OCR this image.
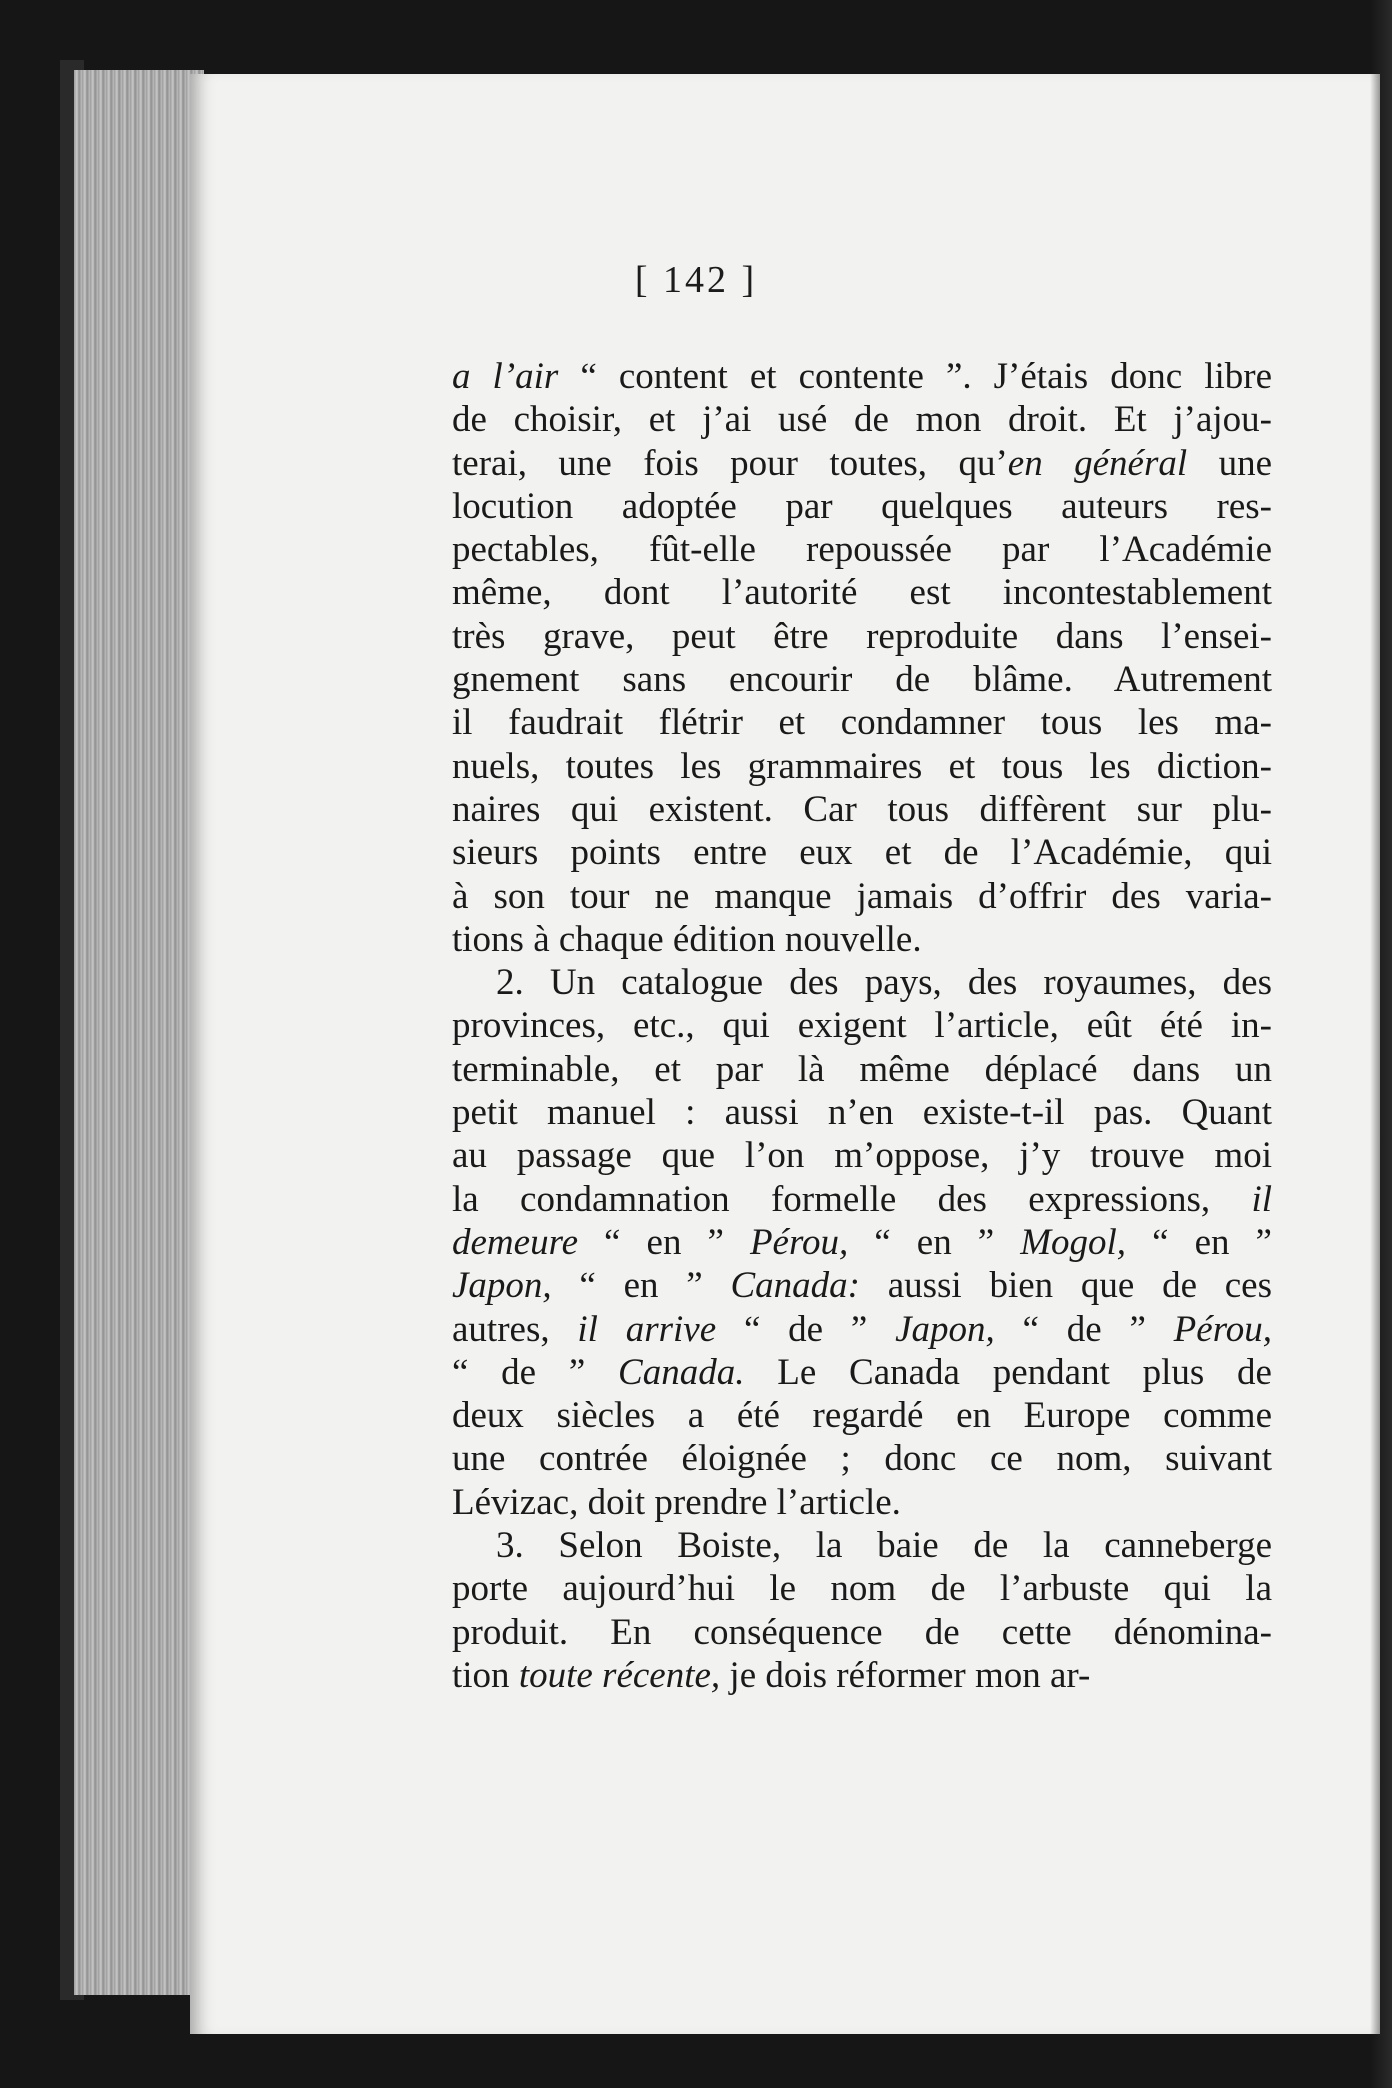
[ 142 ]
a l’air “ content et contente ”. J’étais donc libre
de choisir, et j’ai usé de mon droit. Et j’ajou-
terai, une fois pour toutes, qu’en général une
locution adoptée par quelques auteurs res-
pectables, fût-elle repoussée par l’Académie
même, dont l’autorité est incontestablement
très grave, peut être reproduite dans l’ensei-
gnement sans encourir de blâme. Autrement
il faudrait flétrir et condamner tous les ma-
nuels, toutes les grammaires et tous les diction-
naires qui existent. Car tous diffèrent sur plu-
sieurs points entre eux et de l’Académie, qui
à son tour ne manque jamais d’offrir des varia-
tions à chaque édition nouvelle.
2. Un catalogue des pays, des royaumes, des
provinces, etc., qui exigent l’article, eût été in-
terminable, et par là même déplacé dans un
petit manuel : aussi n’en existe-t-il pas. Quant
au passage que l’on m’oppose, j’y trouve moi
la condamnation formelle des expressions, il
demeure “ en ” Pérou, “ en ” Mogol, “ en ”
Japon, “ en ” Canada: aussi bien que de ces
autres, il arrive “ de ” Japon, “ de ” Pérou,
“ de ” Canada. Le Canada pendant plus de
deux siècles a été regardé en Europe comme
une contrée éloignée ; donc ce nom, suivant
Lévizac, doit prendre l’article.
3. Selon Boiste, la baie de la canneberge
porte aujourd’hui le nom de l’arbuste qui la
produit. En conséquence de cette dénomina-
tion toute récente, je dois réformer mon ar-
